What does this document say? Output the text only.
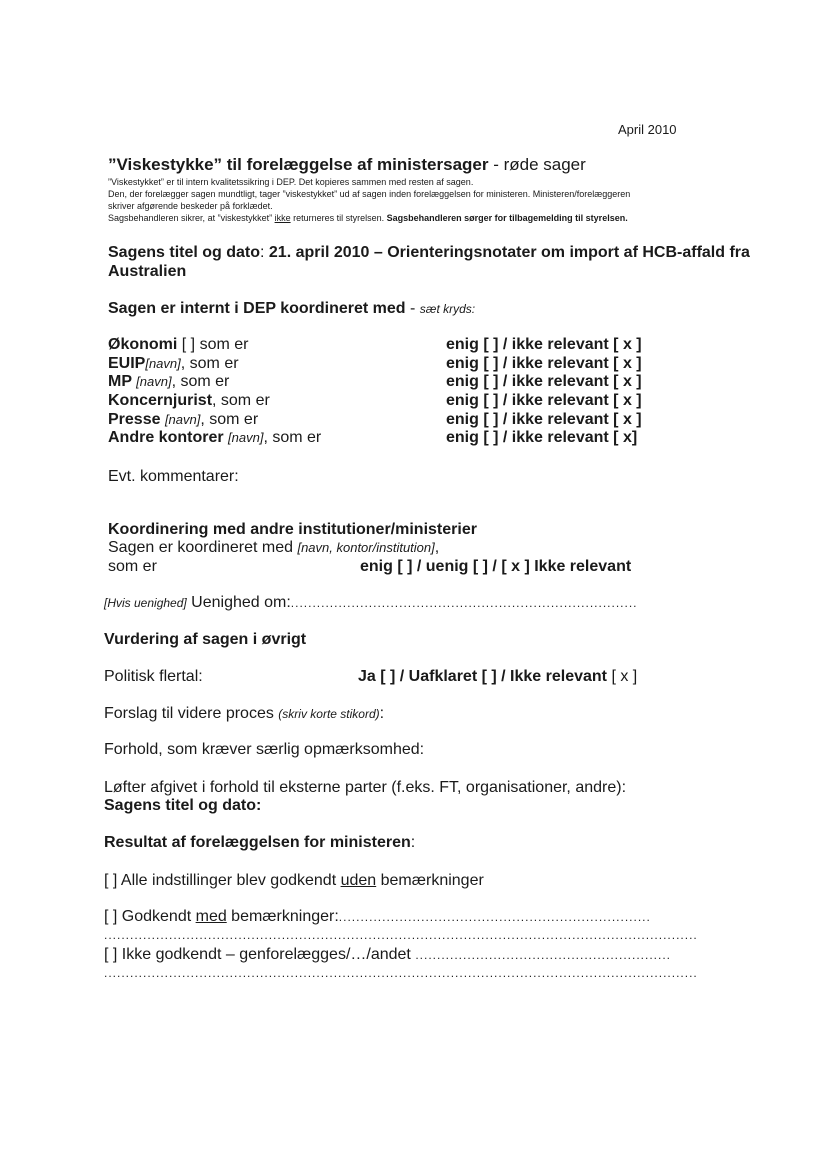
April 2010
”Viskestykke” til forelæggelse af ministersager - røde sager
”Viskestykket” er til intern kvalitetssikring i DEP. Det kopieres sammen med resten af sagen.
Den, der forelægger sagen mundtligt, tager ”viskestykket” ud af sagen inden forelæggelsen for ministeren. Ministeren/forelæggeren
skriver afgørende beskeder på forklædet.
Sagsbehandleren sikrer, at ”viskestykket” ikke returneres til styrelsen. Sagsbehandleren sørger for tilbagemelding til styrelsen.
Sagens titel og dato: 21. april 2010 – Orienteringsnotater om import af HCB-affald fra
Australien
Sagen er internt i DEP koordineret med - sæt kryds:
Økonomi [ ] som er	enig [ ] / ikke relevant [ x ]
EUIP[navn], som er	enig [ ] / ikke relevant [ x ]
MP [navn], som er	enig [ ] / ikke relevant [ x ]
Koncernjurist, som er	enig [ ] / ikke relevant [ x ]
Presse [navn], som er	enig [ ] / ikke relevant [ x ]
Andre kontorer [navn], som er	enig [ ] / ikke relevant [ x]
Evt. kommentarer:
Koordinering med andre institutioner/ministerier
Sagen er koordineret med [navn, kontor/institution],
som er	enig [ ] / uenig [ ] / [ x ] Ikke relevant
[Hvis uenighed] Uenighed om:................................................................................
Vurdering af sagen i øvrigt
Politisk flertal:	Ja [ ] / Uafklaret [ ] / Ikke relevant [ x ]
Forslag til videre proces (skriv korte stikord):
Forhold, som kræver særlig opmærksomhed:
Løfter afgivet i forhold til eksterne parter (f.eks. FT, organisationer, andre):
Sagens titel og dato:
Resultat af forelæggelsen for ministeren:
[ ] Alle indstillinger blev godkendt uden bemærkninger
[ ] Godkendt med bemærkninger:........................................................................
.........................................................................................................................................
[ ] Ikke godkendt – genforelægges/…/andet ...........................................................
.........................................................................................................................................
